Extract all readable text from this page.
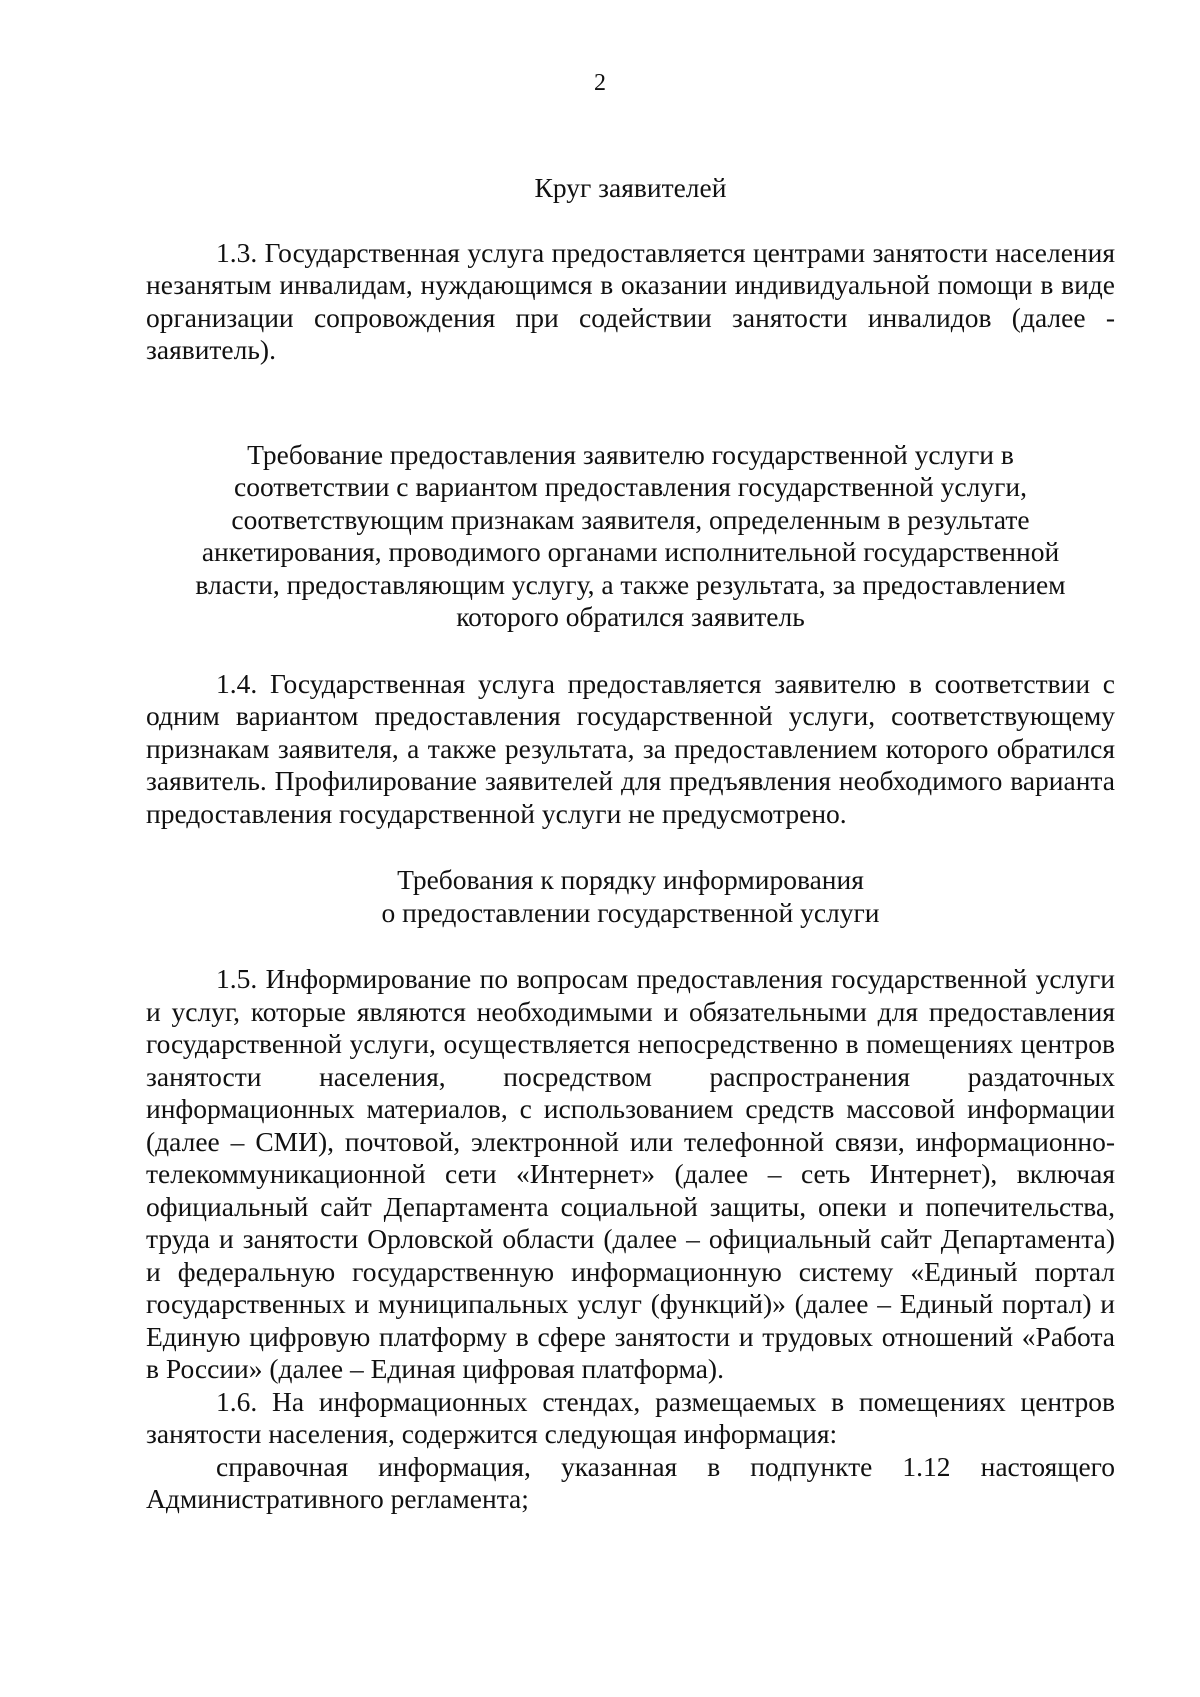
2

Круг заявителей

1.3. Государственная услуга предоставляется центрами занятости населения незанятым инвалидам, нуждающимся в оказании индивидуальной помощи в виде организации сопровождения при содействии занятости инвалидов (далее - заявитель).

Требование предоставления заявителю государственной услуги в соответствии с вариантом предоставления государственной услуги, соответствующим признакам заявителя, определенным в результате анкетирования, проводимого органами исполнительной государственной власти, предоставляющим услугу, а также результата, за предоставлением которого обратился заявитель

1.4. Государственная услуга предоставляется заявителю в соответствии с одним вариантом предоставления государственной услуги, соответствующему признакам заявителя, а также результата, за предоставлением которого обратился заявитель. Профилирование заявителей для предъявления необходимого варианта предоставления государственной услуги не предусмотрено.

Требования к порядку информирования

о предоставлении государственной услуги

1.5. Информирование по вопросам предоставления государственной услуги и услуг, которые являются необходимыми и обязательными для предоставления государственной услуги, осуществляется непосредственно в помещениях центров занятости населения, посредством распространения раздаточных информационных материалов, с использованием средств массовой информации (далее – СМИ), почтовой, электронной или телефонной связи, информационно-телекоммуникационной сети «Интернет» (далее – сеть Интернет), включая официальный сайт Департамента социальной защиты, опеки и попечительства, труда и занятости Орловской области (далее – официальный сайт Департамента) и федеральную государственную информационную систему «Единый портал государственных и муниципальных услуг (функций)» (далее – Единый портал) и Единую цифровую платформу в сфере занятости и трудовых отношений «Работа в России» (далее – Единая цифровая платформа).

1.6. На информационных стендах, размещаемых в помещениях центров занятости населения, содержится следующая информация:

справочная информация, указанная в подпункте 1.12 настоящего Административного регламента;
